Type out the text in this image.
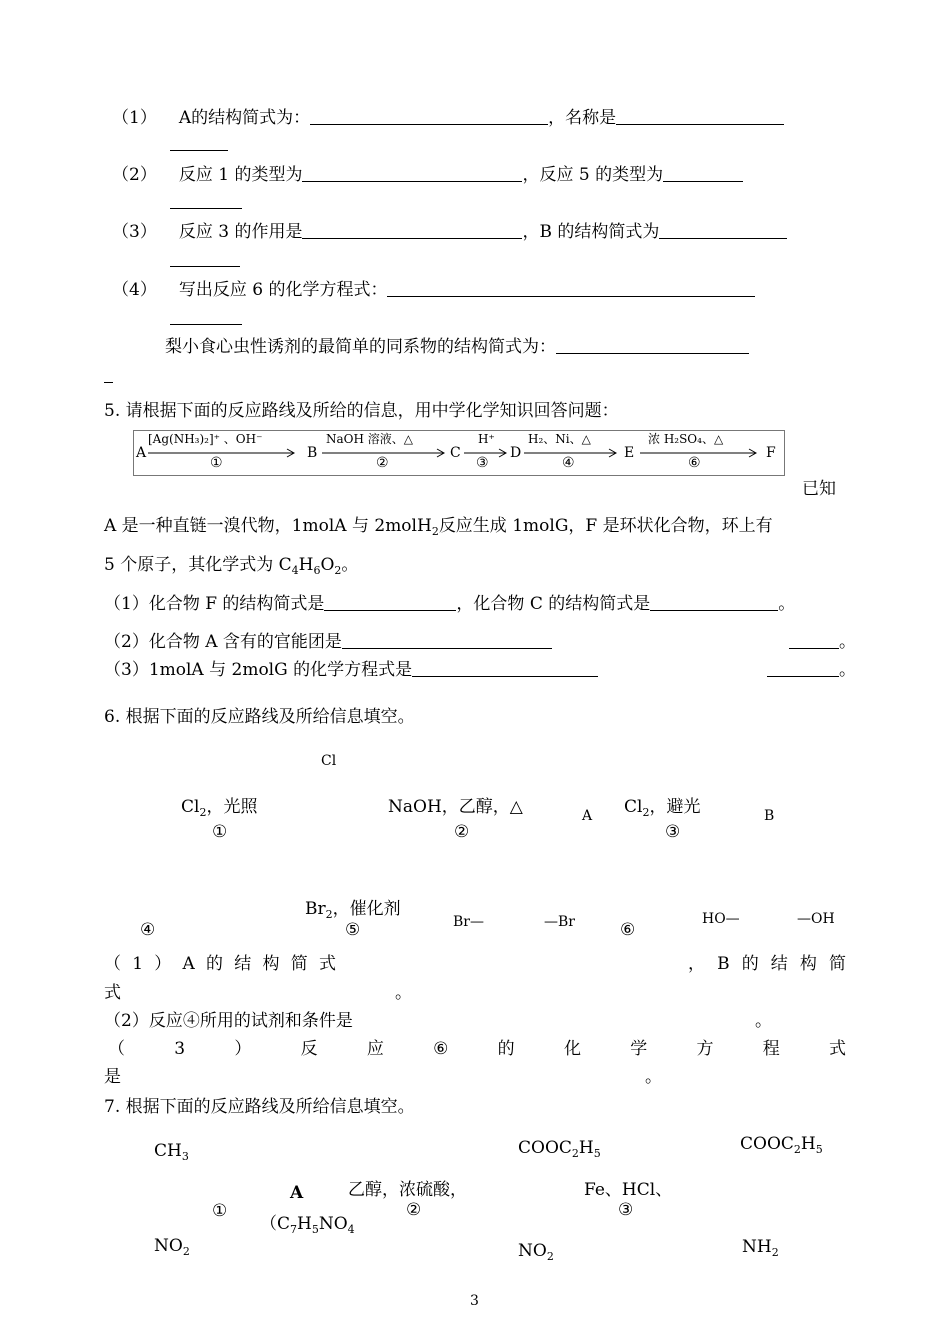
（1） A的结构简式为：	，名称是
（2） 反应 1 的类型为	，反应 5 的类型为
（3） 反应 3 的作用是	，B 的结构简式为
（4） 写出反应 6 的化学方程式：
梨小食心虫性诱剂的最简单的同系物的结构简式为：
5. 请根据下面的反应路线及所给的信息，用中学化学知识回答问题：
A	B	C	D	E	F
[Ag(NH₃)₂]⁺ 、OH⁻
①
NaOH 溶液、△
②
H⁺
③
H₂、Ni、△
④
浓 H₂SO₄、△
⑥
已知
A 是一种直链一溴代物，1molA 与 2molH$_2$反应生成 1molG，F 是环状化合物，环上有
5 个原子，其化学式为 $C_4H_6O_2$。
（1）化合物 F 的结构简式是	，化合物 C 的结构简式是	。
（2）化合物 A 含有的官能团是	。
（3）1molA 与 2molG 的化学方程式是	。
6. 根据下面的反应路线及所给信息填空。
Cl
$Cl_2$，光照
①
NaOH，乙醇，△
②
A $Cl_2$，避光
③
B
$Br_2$，催化剂
④	⑤	Br—	—Br	⑥
HO—	—OH
（ 1 ） A 的 结 构 简 式	， B 的 结 构 简
式	。
（2）反应④所用的试剂和条件是	。
（	3	）	反	应	⑥	的	化	学	方	程	式
是	。
7. 根据下面的反应路线及所给信息填空。
$CH_3$	$COOC_2H_5$	$COOC_2H_5$
A	乙醇，浓硫酸，	Fe、HCl、
①	②	③
（$C_7H_5NO_4$
$NO_2$	$NO_2$	$NH_2$
3
